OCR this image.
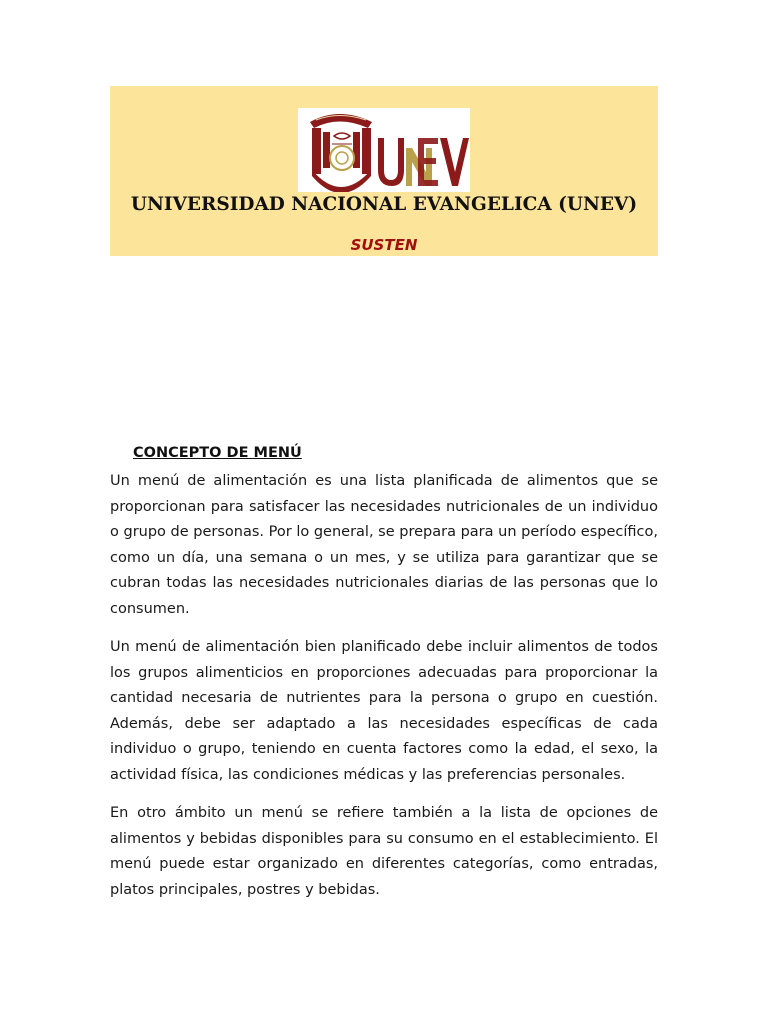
UNIVERSIDAD NACIONAL EVANGELICA (UNEV)
SUSTEN
CONCEPTO DE MENÚ

Un menú de alimentación es una lista planificada de alimentos que se proporcionan para satisfacer las necesidades nutricionales de un individuo o grupo de personas. Por lo general, se prepara para un período específico, como un día, una semana o un mes, y se utiliza para garantizar que se cubran todas las necesidades nutricionales diarias de las personas que lo consumen.

Un menú de alimentación bien planificado debe incluir alimentos de todos los grupos alimenticios en proporciones adecuadas para proporcionar la cantidad necesaria de nutrientes para la persona o grupo en cuestión. Además, debe ser adaptado a las necesidades específicas de cada individuo o grupo, teniendo en cuenta factores como la edad, el sexo, la actividad física, las condiciones médicas y las preferencias personales.

En otro ámbito un menú se refiere también a la lista de opciones de alimentos y bebidas disponibles para su consumo en el establecimiento. El menú puede estar organizado en diferentes categorías, como entradas, platos principales, postres y bebidas.
